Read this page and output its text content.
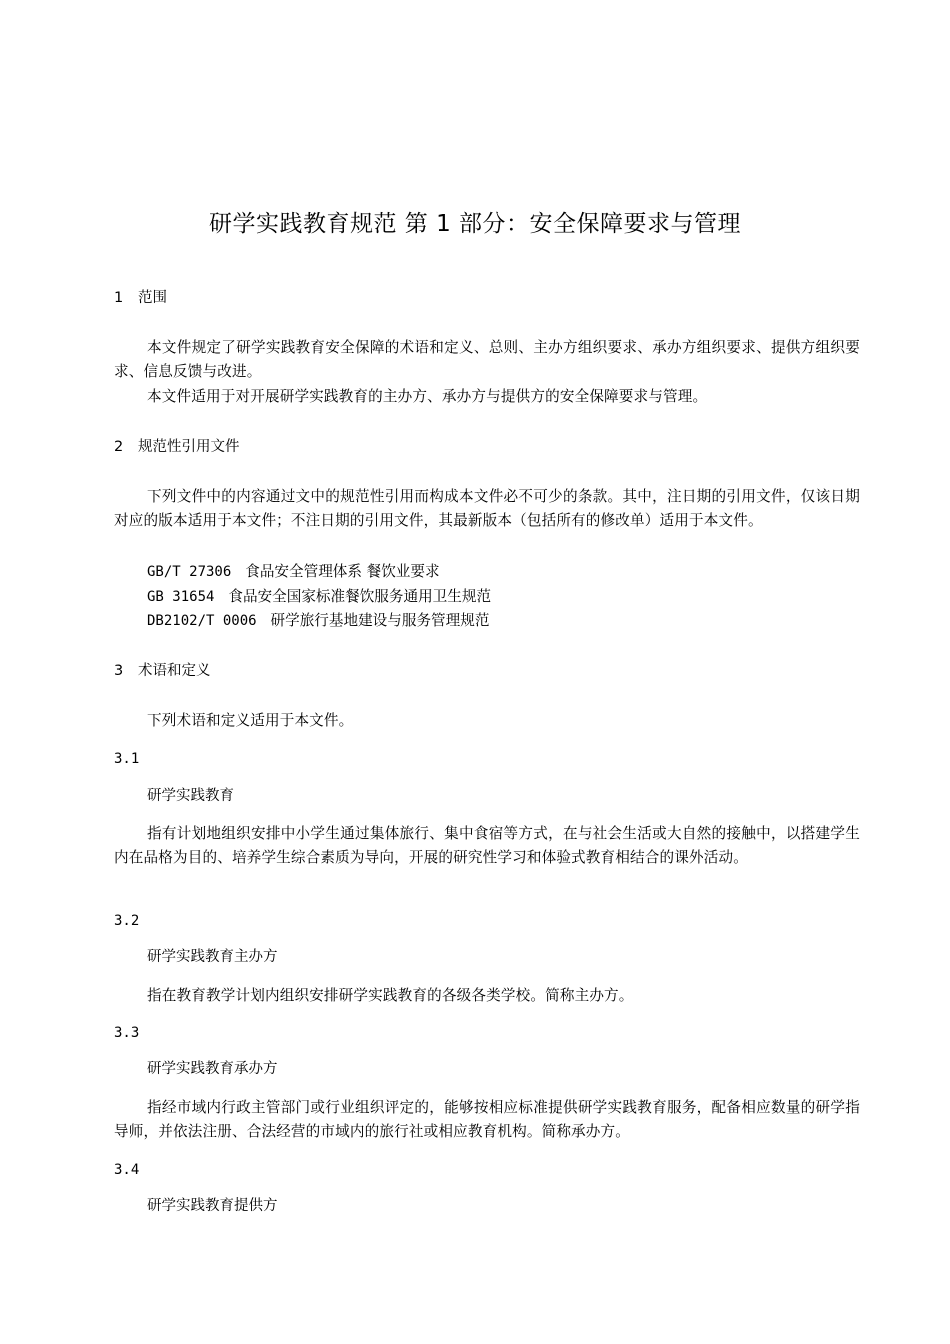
研学实践教育规范 第 1 部分：安全保障要求与管理
1 范围
本文件规定了研学实践教育安全保障的术语和定义、总则、主办方组织要求、承办方组织要求、提供方组织要求、信息反馈与改进。
本文件适用于对开展研学实践教育的主办方、承办方与提供方的安全保障要求与管理。
2 规范性引用文件
下列文件中的内容通过文中的规范性引用而构成本文件必不可少的条款。其中，注日期的引用文件，仅该日期对应的版本适用于本文件；不注日期的引用文件，其最新版本（包括所有的修改单）适用于本文件。
GB/T 27306 食品安全管理体系 餐饮业要求
GB 31654 食品安全国家标准餐饮服务通用卫生规范
DB2102/T 0006 研学旅行基地建设与服务管理规范
3 术语和定义
下列术语和定义适用于本文件。
3.1
研学实践教育
指有计划地组织安排中小学生通过集体旅行、集中食宿等方式，在与社会生活或大自然的接触中，以搭建学生内在品格为目的、培养学生综合素质为导向，开展的研究性学习和体验式教育相结合的课外活动。
3.2
研学实践教育主办方
指在教育教学计划内组织安排研学实践教育的各级各类学校。简称主办方。
3.3
研学实践教育承办方
指经市域内行政主管部门或行业组织评定的，能够按相应标准提供研学实践教育服务，配备相应数量的研学指导师，并依法注册、合法经营的市域内的旅行社或相应教育机构。简称承办方。
3.4
研学实践教育提供方
